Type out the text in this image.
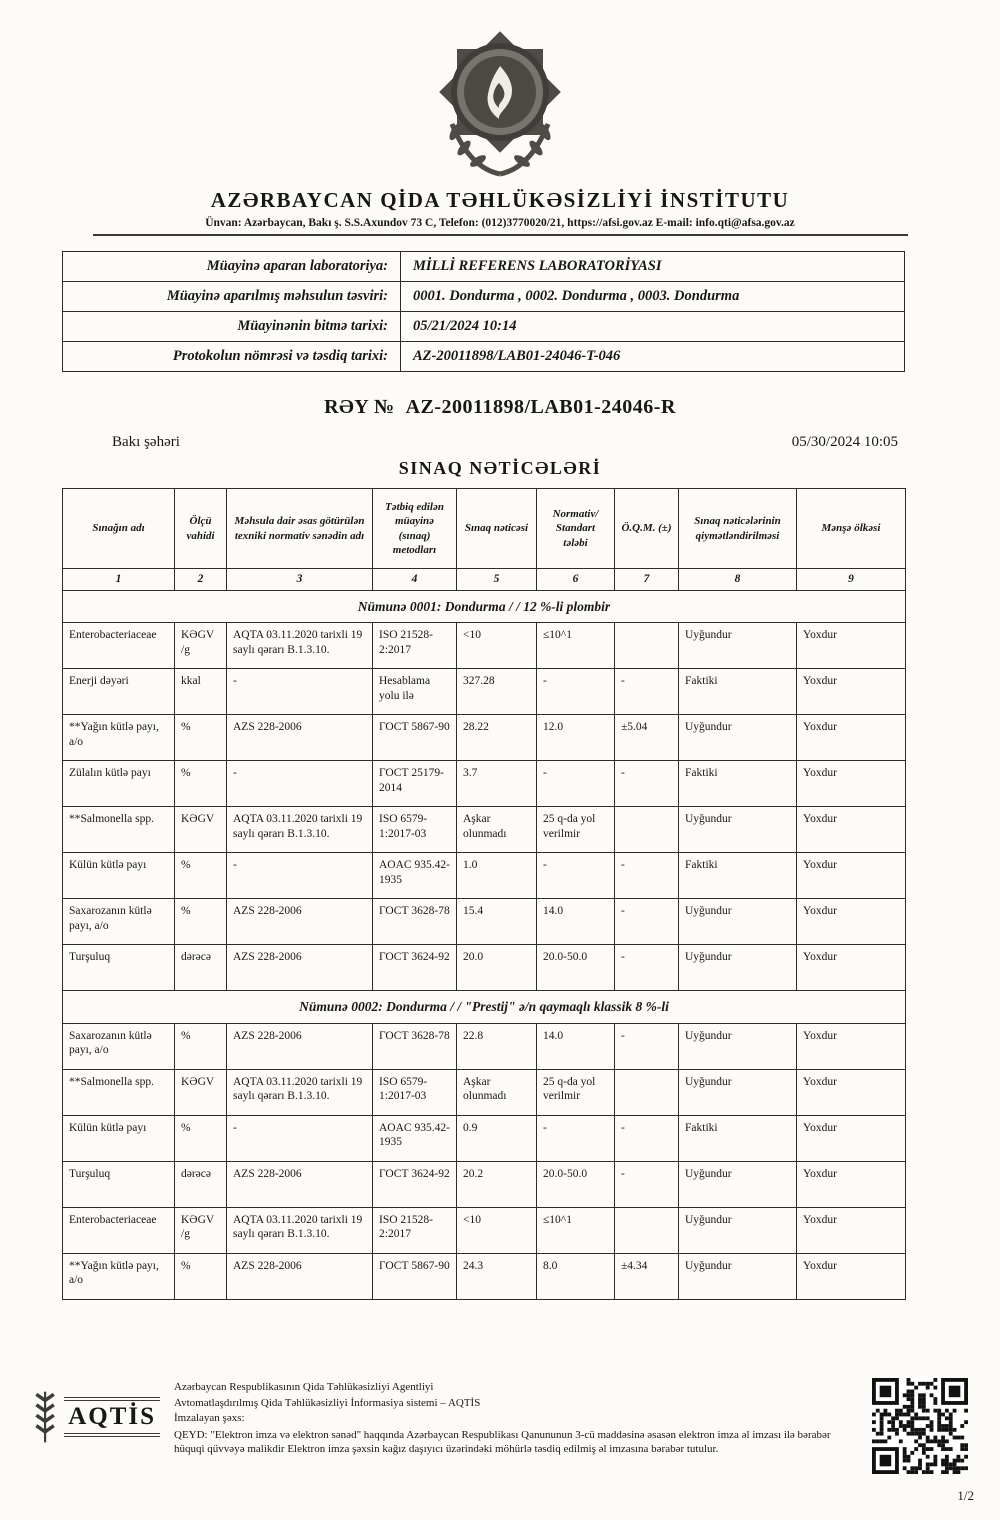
AZƏRBAYCAN QİDA TƏHLÜKƏSİZLİYİ İNSTİTUTU
Ünvan: Azərbaycan, Bakı ş. S.S.Axundov 73 C, Telefon: (012)3770020/21, https://afsi.gov.az E-mail: info.qti@afsa.gov.az
Müayinə aparan laboratoriya:	MİLLİ REFERENS LABORATORİYASI
Müayinə aparılmış məhsulun təsviri:	0001. Dondurma , 0002. Dondurma , 0003. Dondurma
Müayinənin bitmə tarixi:	05/21/2024 10:14
Protokolun nömrəsi və təsdiq tarixi:	AZ-20011898/LAB01-24046-T-046
RƏY № AZ-20011898/LAB01-24046-R
Bakı şəhəri	05/30/2024 10:05
SINAQ NƏTİCƏLƏRİ
Sınağın adı	Ölçü vahidi	Məhsula dair əsas götürülən texniki normativ sənədin adı	Tətbiq edilən müayinə (sınaq) metodları	Sınaq nəticəsi	Normativ/ Standart tələbi	Ö.Q.M. (±)	Sınaq nəticələrinin qiymətləndirilməsi	Mənşə ölkəsi
1	2	3	4	5	6	7	8	9
Nümunə 0001: Dondurma / / 12 %-li plombir								
Enterobacteriaceae	KƏGV /g	AQTA 03.11.2020 tarixli 19 saylı qərarı B.1.3.10.	ISO 21528-2:2017	<10	≤10^1		Uyğundur	Yoxdur
Enerji dəyəri	kkal	-	Hesablama yolu ilə	327.28	-	-	Faktiki	Yoxdur
**Yağın kütlə payı, a/o	%	AZS 228-2006	ГОСТ 5867-90	28.22	12.0	±5.04	Uyğundur	Yoxdur
Zülalın kütlə payı	%	-	ГОСТ 25179-2014	3.7	-	-	Faktiki	Yoxdur
**Salmonella spp.	KƏGV	AQTA 03.11.2020 tarixli 19 saylı qərarı B.1.3.10.	ISO 6579-1:2017-03	Aşkar olunmadı	25 q-da yol verilmir		Uyğundur	Yoxdur
Külün kütlə payı	%	-	AOAC 935.42-1935	1.0	-	-	Faktiki	Yoxdur
Saxarozanın kütlə payı, a/o	%	AZS 228-2006	ГОСТ 3628-78	15.4	14.0	-	Uyğundur	Yoxdur
Turşuluq	dərəcə	AZS 228-2006	ГОСТ 3624-92	20.0	20.0-50.0	-	Uyğundur	Yoxdur
Nümunə 0002: Dondurma / / "Prestij" ə/n qaymaqlı klassik 8 %-li								
Saxarozanın kütlə payı, a/o	%	AZS 228-2006	ГОСТ 3628-78	22.8	14.0	-	Uyğundur	Yoxdur
**Salmonella spp.	KƏGV	AQTA 03.11.2020 tarixli 19 saylı qərarı B.1.3.10.	ISO 6579-1:2017-03	Aşkar olunmadı	25 q-da yol verilmir		Uyğundur	Yoxdur
Külün kütlə payı	%	-	AOAC 935.42-1935	0.9	-	-	Faktiki	Yoxdur
Turşuluq	dərəcə	AZS 228-2006	ГОСТ 3624-92	20.2	20.0-50.0	-	Uyğundur	Yoxdur
Enterobacteriaceae	KƏGV /g	AQTA 03.11.2020 tarixli 19 saylı qərarı B.1.3.10.	ISO 21528-2:2017	<10	≤10^1		Uyğundur	Yoxdur
**Yağın kütlə payı, a/o	%	AZS 228-2006	ГОСТ 5867-90	24.3	8.0	±4.34	Uyğundur	Yoxdur
AQTİS

Azərbaycan Respublikasının Qida Təhlükəsizliyi Agentliyi

Avtomatlaşdırılmış Qida Təhlükəsizliyi İnformasiya sistemi – AQTİS

İmzalayan şəxs:

QEYD: "Elektron imza və elektron sənəd" haqqında Azərbaycan Respublikası Qanununun 3-cü maddəsinə əsasən elektron imza əl imzası ilə bərabər hüquqi qüvvəyə malikdir Elektron imza şəxsin kağız daşıyıcı üzərindəki möhürlə təsdiq edilmiş əl imzasına bərabər tutulur.

1/2
